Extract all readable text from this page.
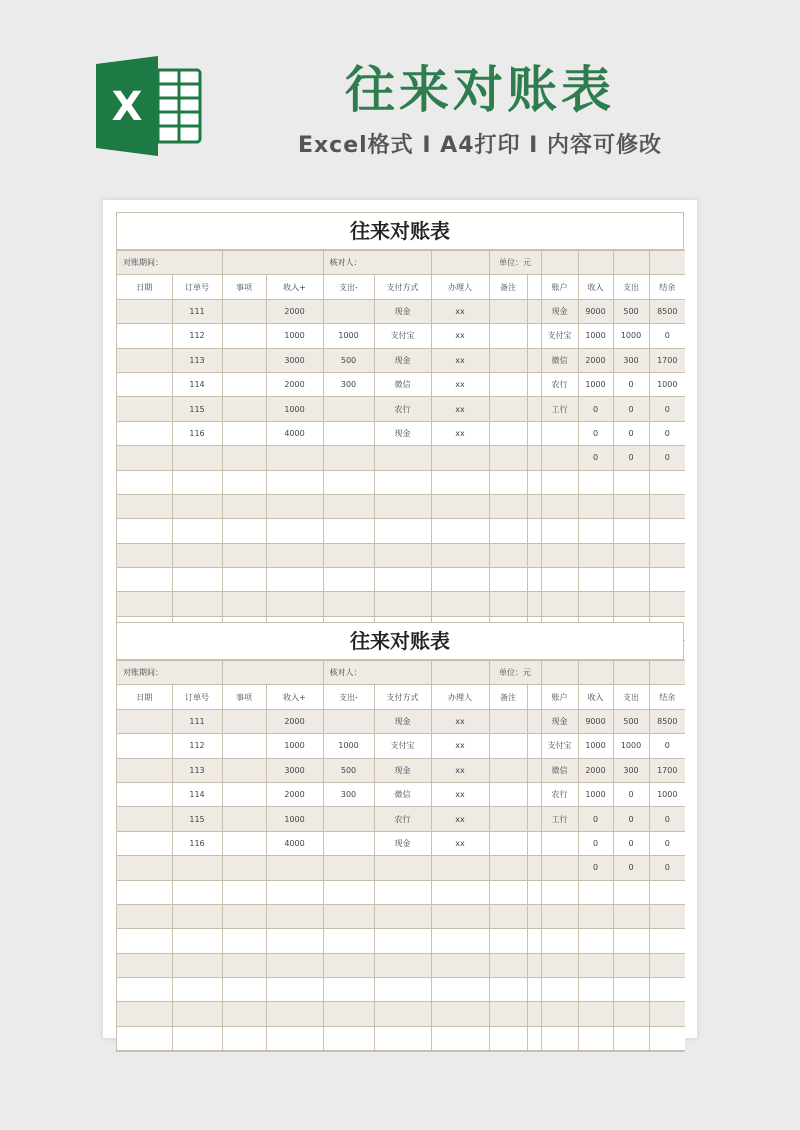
X	往来对账表
Excel格式 I A4打印 I 内容可修改
往来对账表
对账期间：				核对人：			单位：元					
日期	订单号	事项	收入+	支出-	支付方式	办理人	备注		账户	收入	支出	结余
	111		2000		现金	xx			现金	9000	500	8500
	112		1000	1000	支付宝	xx			支付宝	1000	1000	0
	113		3000	500	现金	xx			微信	2000	300	1700
	114		2000	300	微信	xx			农行	1000	0	1000
	115		1000		农行	xx			工行	0	0	0
	116		4000		现金	xx				0	0	0
										0	0	0

往来对账表
对账期间：				核对人：			单位：元					
日期	订单号	事项	收入+	支出-	支付方式	办理人	备注		账户	收入	支出	结余
	111		2000		现金	xx			现金	9000	500	8500
	112		1000	1000	支付宝	xx			支付宝	1000	1000	0
	113		3000	500	现金	xx			微信	2000	300	1700
	114		2000	300	微信	xx			农行	1000	0	1000
	115		1000		农行	xx			工行	0	0	0
	116		4000		现金	xx				0	0	0
										0	0	0
